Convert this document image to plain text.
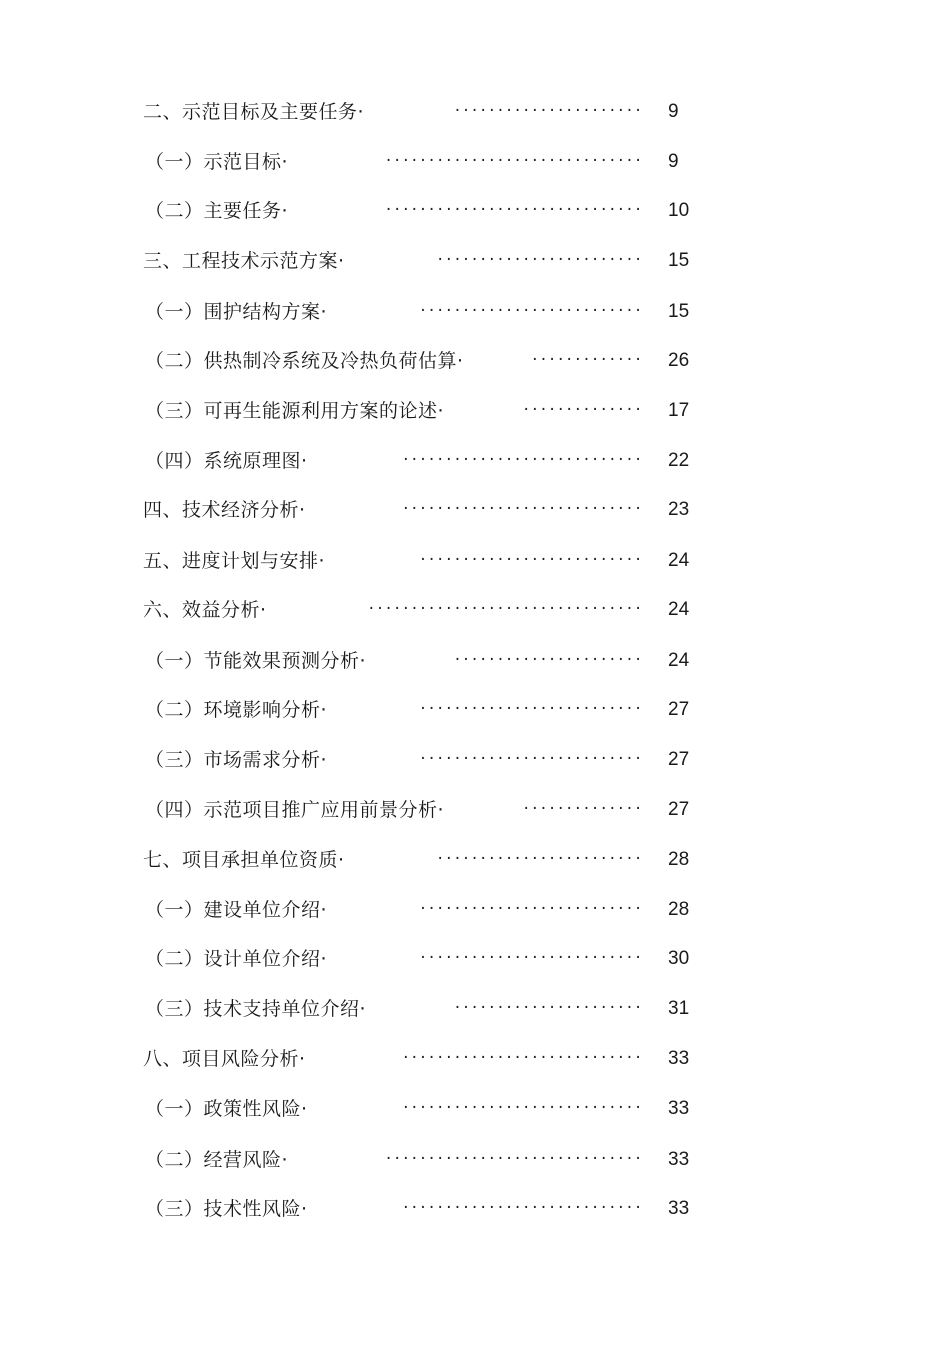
二、示范目标及主要任务·	······················ 9
（一）示范目标·	······························ 9
（二）主要任务·	······························ 10
三、工程技术示范方案·	························ 15
（一）围护结构方案·	·························· 15
（二）供热制冷系统及冷热负荷估算·	············· 26
（三）可再生能源利用方案的论述·	·············· 17
（四）系统原理图·	···························· 22
四、技术经济分析·	···························· 23
五、进度计划与安排·	·························· 24
六、效益分析·	································ 24
（一）节能效果预测分析·	······················ 24
（二）环境影响分析·	·························· 27
（三）市场需求分析·	·························· 27
（四）示范项目推广应用前景分析·	·············· 27
七、项目承担单位资质·	························ 28
（一）建设单位介绍·	·························· 28
（二）设计单位介绍·	·························· 30
（三）技术支持单位介绍·	······················ 31
八、项目风险分析·	···························· 33
（一）政策性风险·	···························· 33
（二）经营风险·	······························ 33
（三）技术性风险·	···························· 33
